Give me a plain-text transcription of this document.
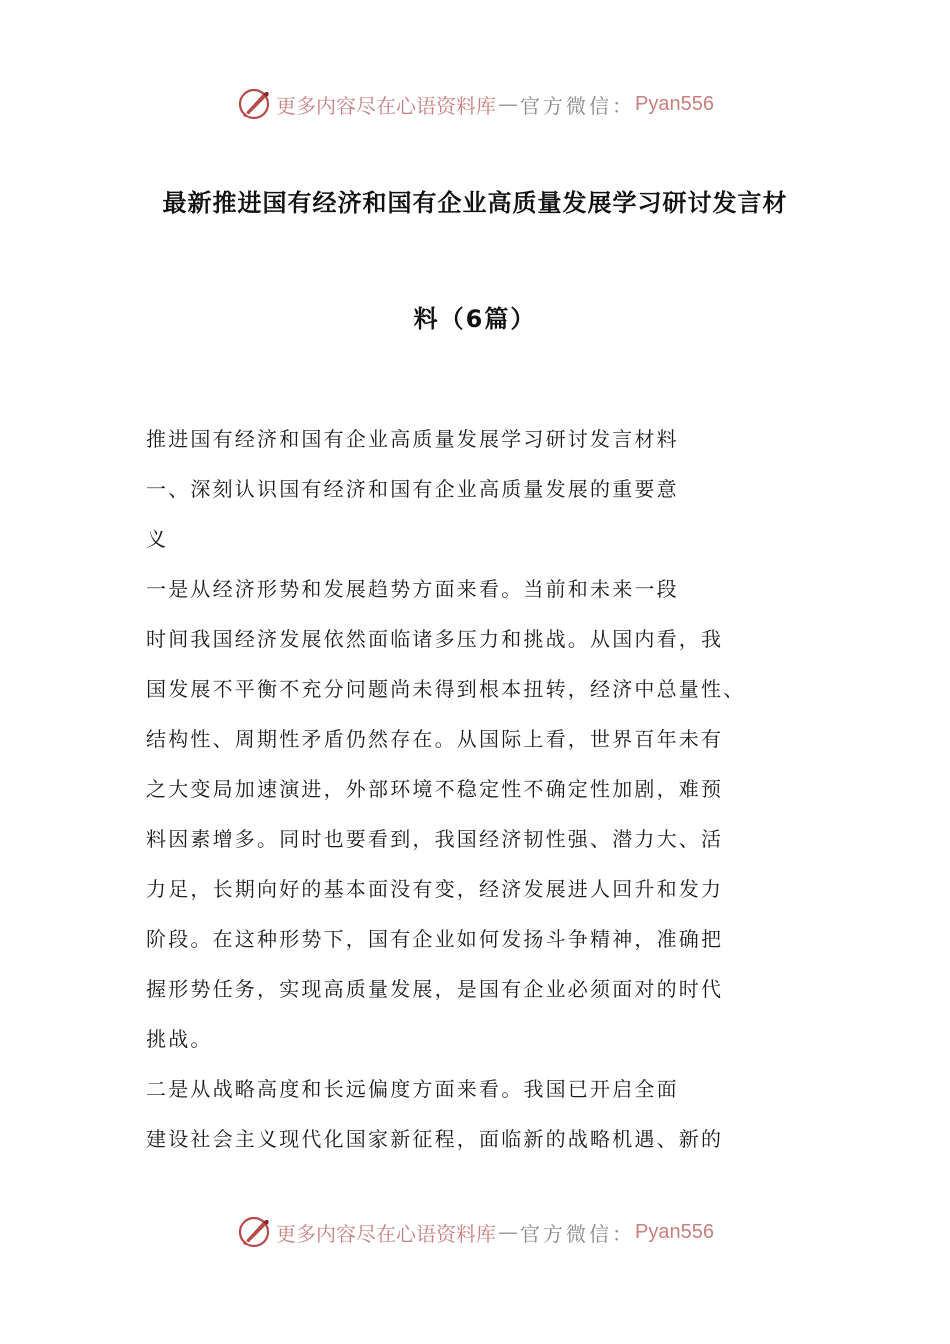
更多内容尽在心语资料库 — 官方微信： Pyan556
最新推进国有经济和国有企业高质量发展学习研讨发言材
料（6篇）
推进国有经济和国有企业高质量发展学习研讨发言材料
一、深刻认识国有经济和国有企业高质量发展的重要意
义
一是从经济形势和发展趋势方面来看。当前和未来一段
时间我国经济发展依然面临诸多压力和挑战。从国内看，我
国发展不平衡不充分问题尚未得到根本扭转，经济中总量性、
结构性、周期性矛盾仍然存在。从国际上看，世界百年未有
之大变局加速演进，外部环境不稳定性不确定性加剧，难预
料因素增多。同时也要看到，我国经济韧性强、潜力大、活
力足，长期向好的基本面没有变，经济发展进人回升和发力
阶段。在这种形势下，国有企业如何发扬斗争精神，准确把
握形势任务，实现高质量发展，是国有企业必须面对的时代
挑战。
二是从战略高度和长远偏度方面来看。我国已开启全面
建设社会主义现代化国家新征程，面临新的战略机遇、新的
更多内容尽在心语资料库 — 官方微信： Pyan556
